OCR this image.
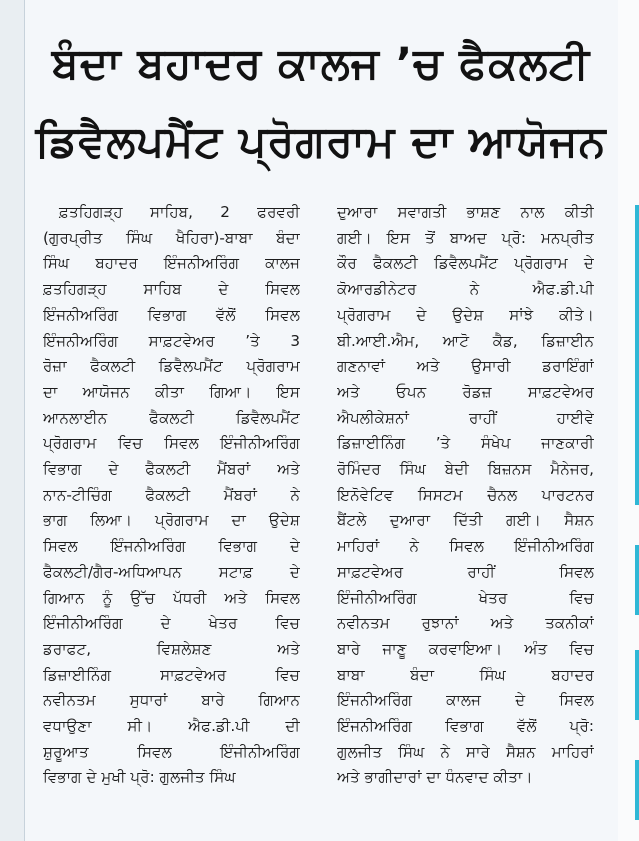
ਬੰਦਾ ਬਹਾਦਰ ਕਾਲਜ ’ਚ ਫੈਕਲਟੀ
ਡਿਵੈਲਪਮੈਂਟ ਪ੍ਰੋਗਰਾਮ ਦਾ ਆਯੋਜਨ
ਫ਼ਤਹਿਗੜ੍ਹ ਸਾਹਿਬ, 2 ਫਰਵਰੀ
(ਗੁਰਪ੍ਰੀਤ ਸਿੰਘ ਖੈਹਿਰਾ)-ਬਾਬਾ ਬੰਦਾ
ਸਿੰਘ ਬਹਾਦਰ ਇੰਜਨੀਅਰਿੰਗ ਕਾਲਜ
ਫ਼ਤਹਿਗੜ੍ਹ ਸਾਹਿਬ ਦੇ ਸਿਵਲ
ਇੰਜਨੀਅਰਿੰਗ ਵਿਭਾਗ ਵੱਲੋਂ ਸਿਵਲ
ਇੰਜਨੀਅਰਿੰਗ ਸਾਫ਼ਟਵੇਅਰ ’ਤੇ 3
ਰੋਜ਼ਾ ਫੈਕਲਟੀ ਡਿਵੈਲਪਮੈਂਟ ਪ੍ਰੋਗਰਾਮ
ਦਾ ਆਯੋਜਨ ਕੀਤਾ ਗਿਆ। ਇਸ
ਆਨਲਾਈਨ ਫੈਕਲਟੀ ਡਿਵੈਲਪਮੈਂਟ
ਪ੍ਰੋਗਰਾਮ ਵਿਚ ਸਿਵਲ ਇੰਜੀਨੀਅਰਿੰਗ
ਵਿਭਾਗ ਦੇ ਫੈਕਲਟੀ ਮੈਂਬਰਾਂ ਅਤੇ
ਨਾਨ-ਟੀਚਿੰਗ ਫੈਕਲਟੀ ਮੈਂਬਰਾਂ ਨੇ
ਭਾਗ ਲਿਆ। ਪ੍ਰੋਗਰਾਮ ਦਾ ਉਦੇਸ਼
ਸਿਵਲ ਇੰਜਨੀਅਰਿੰਗ ਵਿਭਾਗ ਦੇ
ਫੈਕਲਟੀ/ਗੈਰ-ਅਧਿਆਪਨ ਸਟਾਫ਼ ਦੇ
ਗਿਆਨ ਨੂੰ ਉੱਚ ਪੱਧਰੀ ਅਤੇ ਸਿਵਲ
ਇੰਜੀਨੀਅਰਿੰਗ ਦੇ ਖੇਤਰ ਵਿਚ
ਡਰਾਫਟ, ਵਿਸ਼ਲੇਸ਼ਣ ਅਤੇ
ਡਿਜ਼ਾਈਨਿੰਗ ਸਾਫ਼ਟਵੇਅਰ ਵਿਚ
ਨਵੀਨਤਮ ਸੁਧਾਰਾਂ ਬਾਰੇ ਗਿਆਨ
ਵਧਾਉਣਾ ਸੀ। ਐਫ.ਡੀ.ਪੀ ਦੀ
ਸ਼ੁਰੂਆਤ ਸਿਵਲ ਇੰਜੀਨੀਅਰਿੰਗ
ਵਿਭਾਗ ਦੇ ਮੁਖੀ ਪ੍ਰੋ: ਗੁਲਜੀਤ ਸਿੰਘ
ਦੁਆਰਾ ਸਵਾਗਤੀ ਭਾਸ਼ਣ ਨਾਲ ਕੀਤੀ
ਗਈ। ਇਸ ਤੋਂ ਬਾਅਦ ਪ੍ਰੋ: ਮਨਪ੍ਰੀਤ
ਕੌਰ ਫੈਕਲਟੀ ਡਿਵੈਲਪਮੈਂਟ ਪ੍ਰੋਗਰਾਮ ਦੇ
ਕੋਆਰਡੀਨੇਟਰ ਨੇ ਐਫ.ਡੀ.ਪੀ
ਪ੍ਰੋਗਰਾਮ ਦੇ ਉਦੇਸ਼ ਸਾਂਝੇ ਕੀਤੇ।
ਬੀ.ਆਈ.ਐਮ, ਆਟੋ ਕੈਡ, ਡਿਜ਼ਾਈਨ
ਗਣਨਾਵਾਂ ਅਤੇ ਉਸਾਰੀ ਡਰਾਇੰਗਾਂ
ਅਤੇ ਓਪਨ ਰੋਡਜ਼ ਸਾਫ਼ਟਵੇਅਰ
ਐਪਲੀਕੇਸ਼ਨਾਂ ਰਾਹੀਂ ਹਾਈਵੇ
ਡਿਜ਼ਾਈਨਿੰਗ ’ਤੇ ਸੰਖੇਪ ਜਾਣਕਾਰੀ
ਰੋਮਿੰਦਰ ਸਿੰਘ ਬੇਦੀ ਬਿਜ਼ਨਸ ਮੈਨੇਜਰ,
ਇਨੋਵੇਟਿਵ ਸਿਸਟਮ ਚੈਨਲ ਪਾਰਟਨਰ
ਬੈਂਟਲੇ ਦੁਆਰਾ ਦਿੱਤੀ ਗਈ। ਸੈਸ਼ਨ
ਮਾਹਿਰਾਂ ਨੇ ਸਿਵਲ ਇੰਜੀਨੀਅਰਿੰਗ
ਸਾਫ਼ਟਵੇਅਰ ਰਾਹੀਂ ਸਿਵਲ
ਇੰਜੀਨੀਅਰਿੰਗ ਖੇਤਰ ਵਿਚ
ਨਵੀਨਤਮ ਰੁਝਾਨਾਂ ਅਤੇ ਤਕਨੀਕਾਂ
ਬਾਰੇ ਜਾਣੂ ਕਰਵਾਇਆ। ਅੰਤ ਵਿਚ
ਬਾਬਾ ਬੰਦਾ ਸਿੰਘ ਬਹਾਦਰ
ਇੰਜਨੀਅਰਿੰਗ ਕਾਲਜ ਦੇ ਸਿਵਲ
ਇੰਜਨੀਅਰਿੰਗ ਵਿਭਾਗ ਵੱਲੋਂ ਪ੍ਰੋ:
ਗੁਲਜੀਤ ਸਿੰਘ ਨੇ ਸਾਰੇ ਸੈਸ਼ਨ ਮਾਹਿਰਾਂ
ਅਤੇ ਭਾਗੀਦਾਰਾਂ ਦਾ ਧੰਨਵਾਦ ਕੀਤਾ।
